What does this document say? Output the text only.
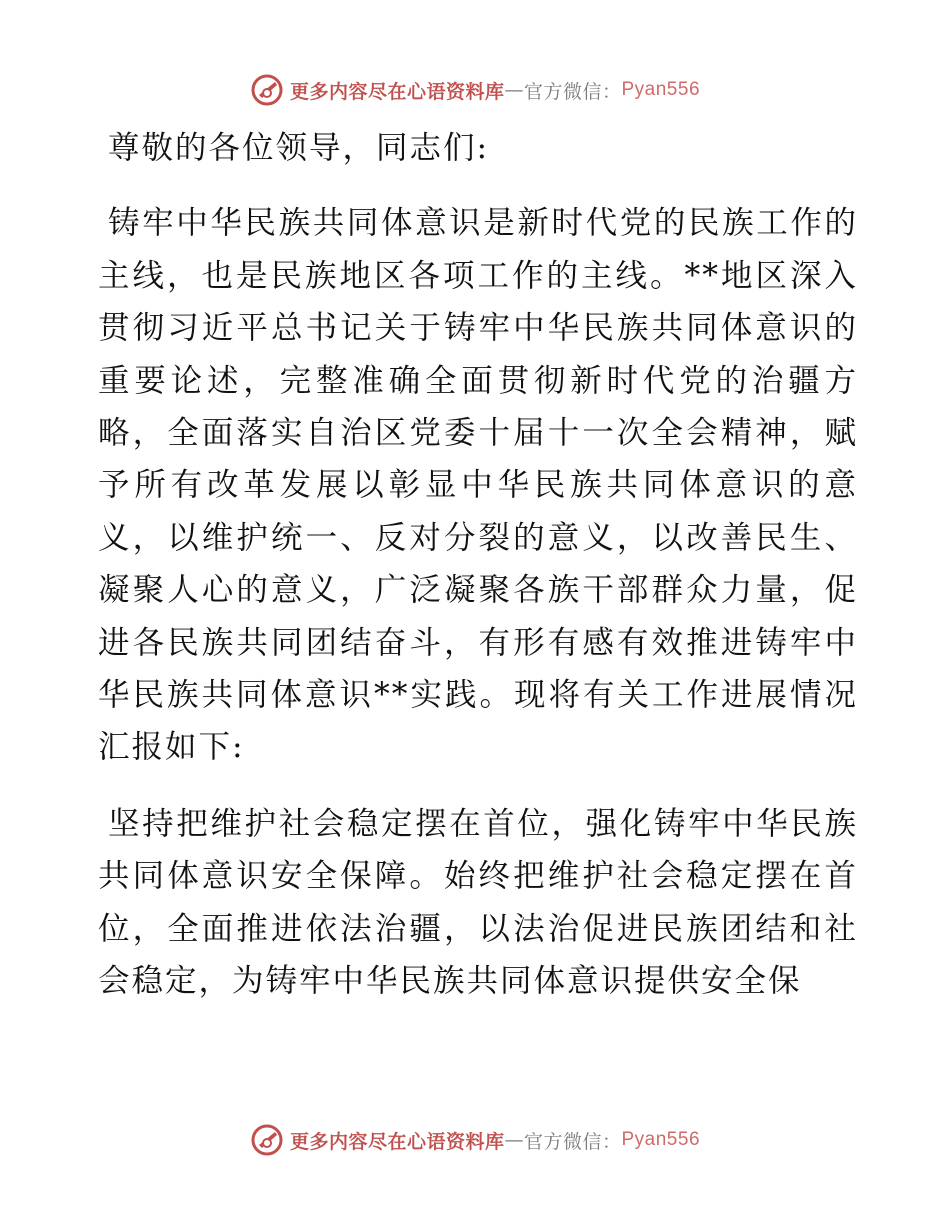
更多内容尽在心语资料库 — 官方微信： Pyan556

尊敬的各位领导，同志们:

铸牢中华民族共同体意识是新时代党的民族工作的主线，也是民族地区各项工作的主线。**地区深入贯彻习近平总书记关于铸牢中华民族共同体意识的重要论述，完整准确全面贯彻新时代党的治疆方略，全面落实自治区党委十届十一次全会精神，赋予所有改革发展以彰显中华民族共同体意识的意义，以维护统一、反对分裂的意义，以改善民生、凝聚人心的意义，广泛凝聚各族干部群众力量，促进各民族共同团结奋斗，有形有感有效推进铸牢中华民族共同体意识**实践。现将有关工作进展情况汇报如下:

坚持把维护社会稳定摆在首位，强化铸牢中华民族共同体意识安全保障。始终把维护社会稳定摆在首位，全面推进依法治疆，以法治促进民族团结和社会稳定，为铸牢中华民族共同体意识提供安全保

更多内容尽在心语资料库 — 官方微信： Pyan556
